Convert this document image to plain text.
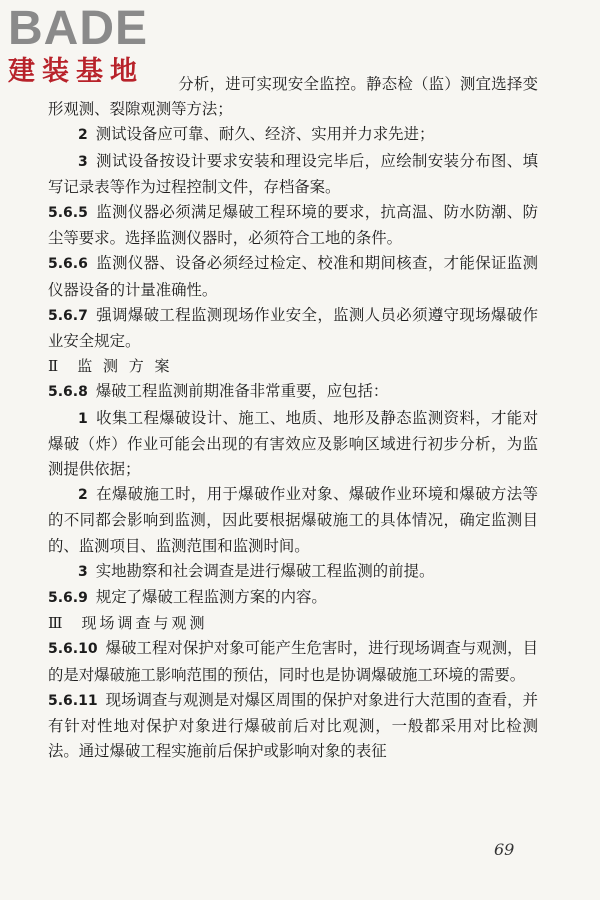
BADE
建装基地	分析，进可实现安全监控。静态检（监）测宜选择变形观测、裂隙观测等方法；

2 测试设备应可靠、耐久、经济、实用并力求先进；

3 测试设备按设计要求安装和理设完毕后，应绘制安装分布图、填写记录表等作为过程控制文件，存档备案。

5.6.5 监测仪器必须满足爆破工程环境的要求，抗高温、防水防潮、防尘等要求。选择监测仪器时，必须符合工地的条件。

5.6.6 监测仪器、设备必须经过检定、校准和期间核查，才能保证监测仪器设备的计量准确性。

5.6.7 强调爆破工程监测现场作业安全，监测人员必须遵守现场爆破作业安全规定。

Ⅱ 监 测 方 案

5.6.8 爆破工程监测前期准备非常重要，应包括：

1 收集工程爆破设计、施工、地质、地形及静态监测资料，才能对爆破（炸）作业可能会出现的有害效应及影响区域进行初步分析，为监测提供依据；

2 在爆破施工时，用于爆破作业对象、爆破作业环境和爆破方法等的不同都会影响到监测，因此要根据爆破施工的具体情况，确定监测目的、监测项目、监测范围和监测时间。

3 实地勘察和社会调查是进行爆破工程监测的前提。

5.6.9 规定了爆破工程监测方案的内容。

Ⅲ 现场调查与观测

5.6.10 爆破工程对保护对象可能产生危害时，进行现场调查与观测，目的是对爆破施工影响范围的预估，同时也是协调爆破施工环境的需要。

5.6.11 现场调查与观测是对爆区周围的保护对象进行大范围的查看，并有针对性地对保护对象进行爆破前后对比观测，一般都采用对比检测法。通过爆破工程实施前后保护或影响对象的表征

69
